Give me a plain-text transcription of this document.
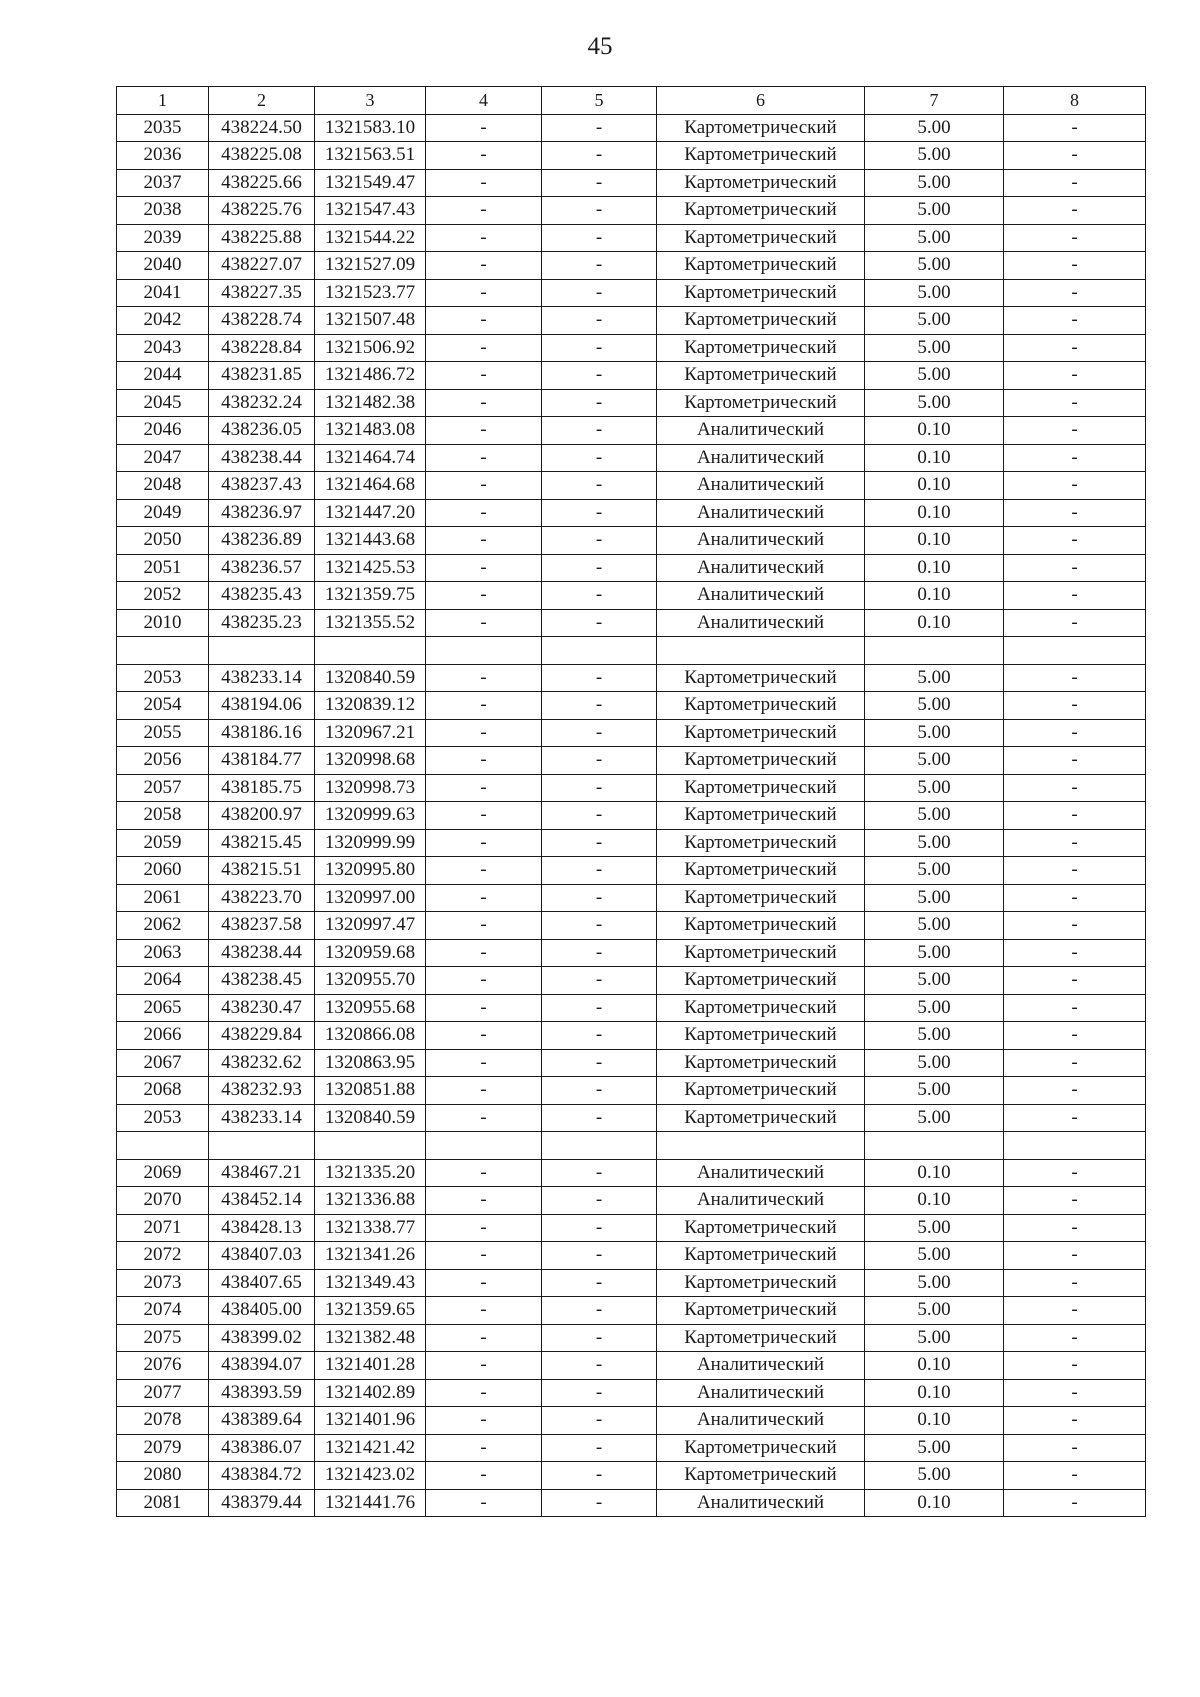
45
1	2	3	4	5	6	7	8
2035	438224.50	1321583.10	-	-	Картометрический	5.00	-
2036	438225.08	1321563.51	-	-	Картометрический	5.00	-
2037	438225.66	1321549.47	-	-	Картометрический	5.00	-
2038	438225.76	1321547.43	-	-	Картометрический	5.00	-
2039	438225.88	1321544.22	-	-	Картометрический	5.00	-
2040	438227.07	1321527.09	-	-	Картометрический	5.00	-
2041	438227.35	1321523.77	-	-	Картометрический	5.00	-
2042	438228.74	1321507.48	-	-	Картометрический	5.00	-
2043	438228.84	1321506.92	-	-	Картометрический	5.00	-
2044	438231.85	1321486.72	-	-	Картометрический	5.00	-
2045	438232.24	1321482.38	-	-	Картометрический	5.00	-
2046	438236.05	1321483.08	-	-	Аналитический	0.10	-
2047	438238.44	1321464.74	-	-	Аналитический	0.10	-
2048	438237.43	1321464.68	-	-	Аналитический	0.10	-
2049	438236.97	1321447.20	-	-	Аналитический	0.10	-
2050	438236.89	1321443.68	-	-	Аналитический	0.10	-
2051	438236.57	1321425.53	-	-	Аналитический	0.10	-
2052	438235.43	1321359.75	-	-	Аналитический	0.10	-
2010	438235.23	1321355.52	-	-	Аналитический	0.10	-

2053	438233.14	1320840.59	-	-	Картометрический	5.00	-
2054	438194.06	1320839.12	-	-	Картометрический	5.00	-
2055	438186.16	1320967.21	-	-	Картометрический	5.00	-
2056	438184.77	1320998.68	-	-	Картометрический	5.00	-
2057	438185.75	1320998.73	-	-	Картометрический	5.00	-
2058	438200.97	1320999.63	-	-	Картометрический	5.00	-
2059	438215.45	1320999.99	-	-	Картометрический	5.00	-
2060	438215.51	1320995.80	-	-	Картометрический	5.00	-
2061	438223.70	1320997.00	-	-	Картометрический	5.00	-
2062	438237.58	1320997.47	-	-	Картометрический	5.00	-
2063	438238.44	1320959.68	-	-	Картометрический	5.00	-
2064	438238.45	1320955.70	-	-	Картометрический	5.00	-
2065	438230.47	1320955.68	-	-	Картометрический	5.00	-
2066	438229.84	1320866.08	-	-	Картометрический	5.00	-
2067	438232.62	1320863.95	-	-	Картометрический	5.00	-
2068	438232.93	1320851.88	-	-	Картометрический	5.00	-
2053	438233.14	1320840.59	-	-	Картометрический	5.00	-

2069	438467.21	1321335.20	-	-	Аналитический	0.10	-
2070	438452.14	1321336.88	-	-	Аналитический	0.10	-
2071	438428.13	1321338.77	-	-	Картометрический	5.00	-
2072	438407.03	1321341.26	-	-	Картометрический	5.00	-
2073	438407.65	1321349.43	-	-	Картометрический	5.00	-
2074	438405.00	1321359.65	-	-	Картометрический	5.00	-
2075	438399.02	1321382.48	-	-	Картометрический	5.00	-
2076	438394.07	1321401.28	-	-	Аналитический	0.10	-
2077	438393.59	1321402.89	-	-	Аналитический	0.10	-
2078	438389.64	1321401.96	-	-	Аналитический	0.10	-
2079	438386.07	1321421.42	-	-	Картометрический	5.00	-
2080	438384.72	1321423.02	-	-	Картометрический	5.00	-
2081	438379.44	1321441.76	-	-	Аналитический	0.10	-
